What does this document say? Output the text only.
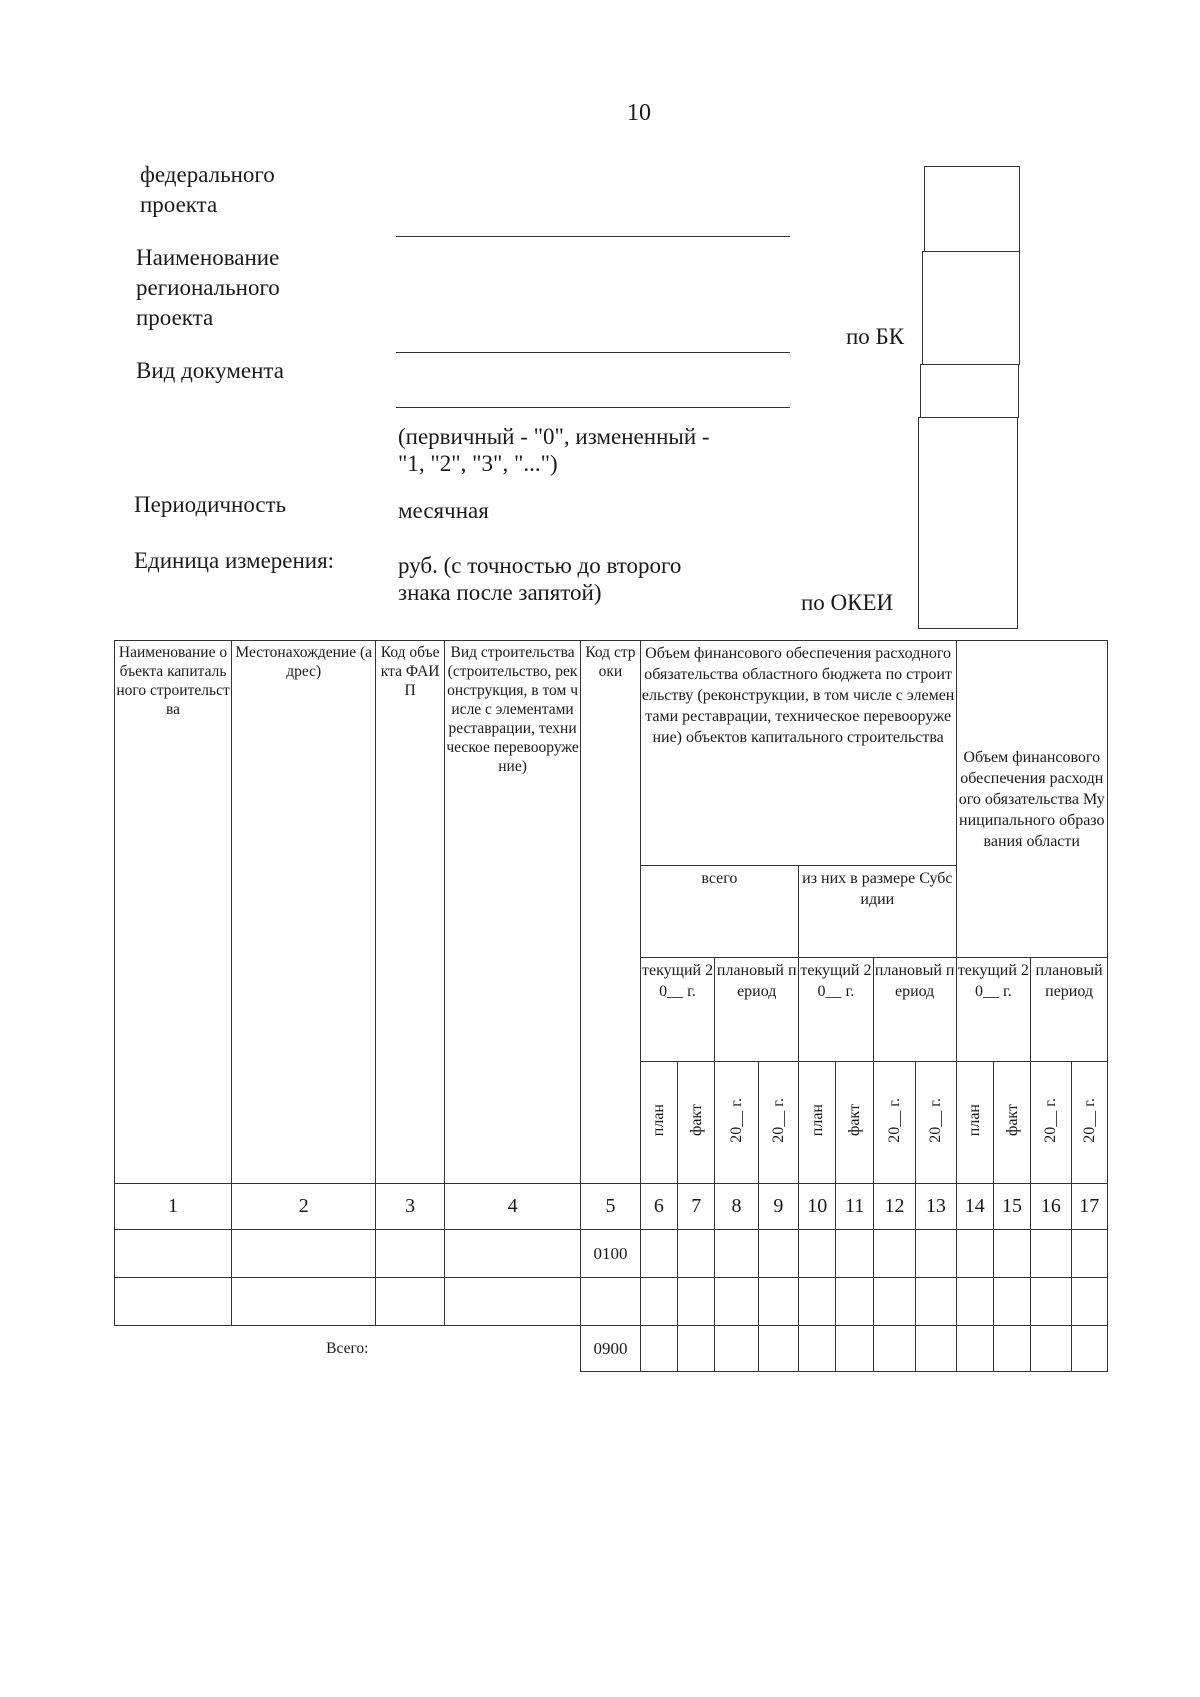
10
федерального
проекта
Наименование
регионального
проекта
Вид документа
Периодичность
Единица измерения:
(первичный - "0", измененный -
"1, "2", "3", "...")
месячная
руб. (с точностью до второго
знака после запятой)
по БК
по ОКЕИ
Наименование объекта капитального строительства	Местонахождение (адрес)	Код объекта ФАИП	Вид строительства (строительство, реконструкция, в том числе с элементами реставрации, техническое перевооружение)	Код строки	Объем финансового обеспечения расходного обязательства областного бюджета по строительству (реконструкции, в том числе с элементами реставрации, техническое перевооружение) объектов капитального строительства								Объем финансового обеспечения расходного обязательства Муниципального образования области			
					всего				из них в размере Субсидии							
					текущий 20__ г.		плановый период		текущий 20__ г.		плановый период		текущий 20__ г.		плановый период	
					план	факт	20__ г.	20__ г.	план	факт	20__ г.	20__ г.	план	факт	20__ г.	20__ г.
1	2	3	4	5	6	7	8	9	10	11	12	13	14	15	16	17
				0100												

Всего:				0900												
